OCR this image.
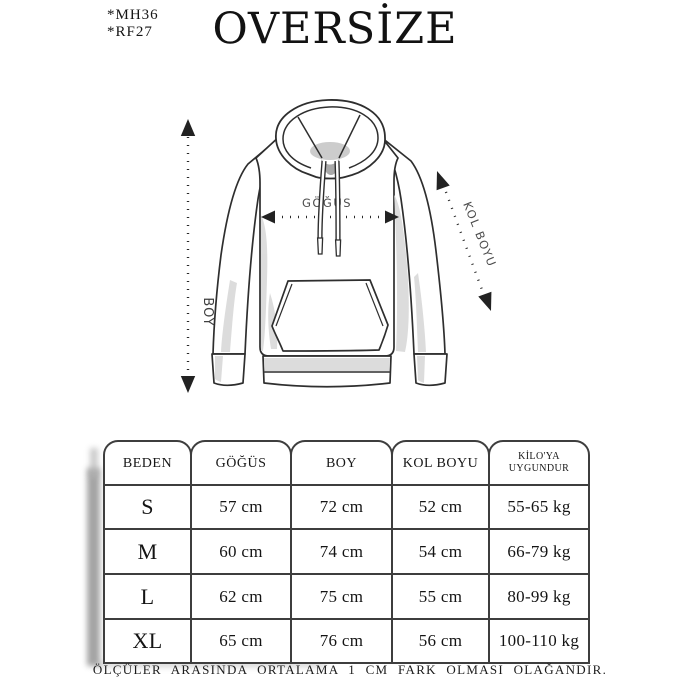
*MH36
*RF27 OVERSİZE
GÖĞÜS
BOY
KOL BOYU
BEDEN	GÖĞÜS	BOY	KOL BOYU	KİLO'YA
UYGUNDUR
S	57 cm	72 cm	52 cm	55-65 kg
M	60 cm	74 cm	54 cm	66-79 kg
L	62 cm	75 cm	55 cm	80-99 kg
XL	65 cm	76 cm	56 cm	100-110 kg
ÖLÇÜLER ARASINDA ORTALAMA 1 CM FARK OLMASI OLAĞANDIR.
